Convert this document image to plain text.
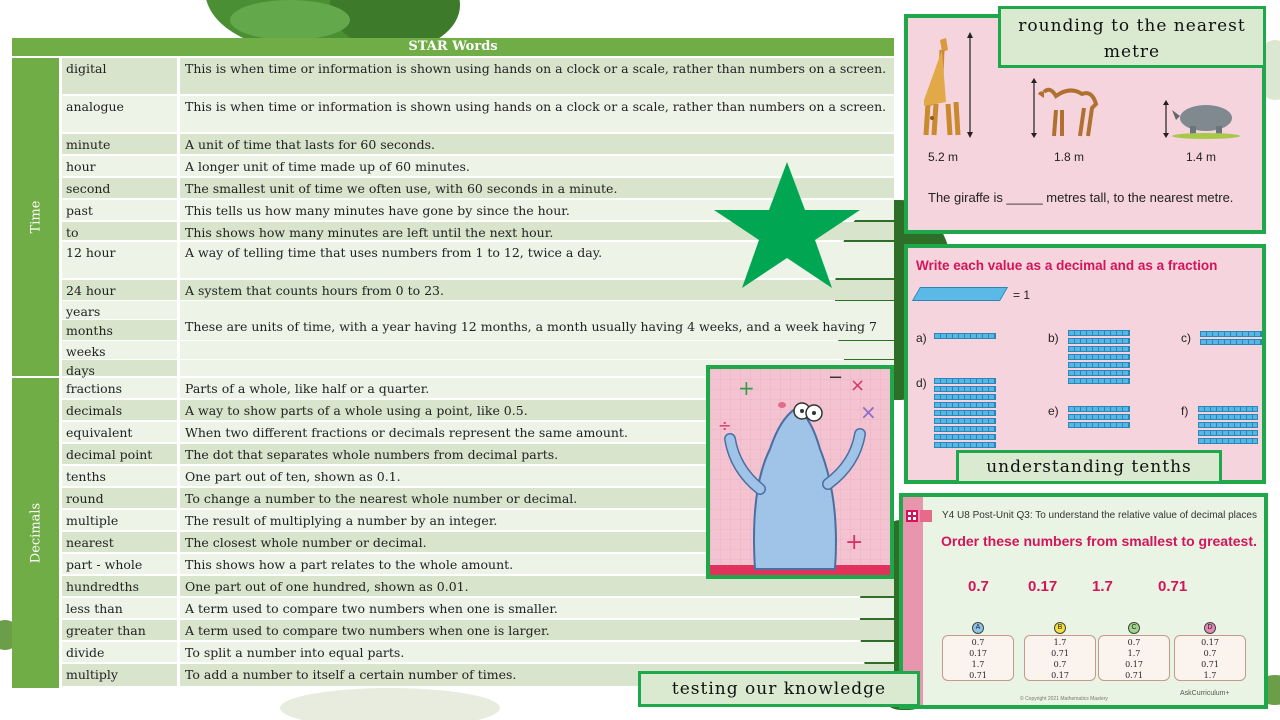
STAR Words
Time
Decimals
digital	This is when time or information is shown using hands on a clock or a scale, rather than numbers on a screen.
analogue	This is when time or information is shown using hands on a clock or a scale, rather than numbers on a screen.
minute	A unit of time that lasts for 60 seconds.
hour	A longer unit of time made up of 60 minutes.
second	The smallest unit of time we often use, with 60 seconds in a minute.
past	This tells us how many minutes have gone by since the hour.
to	This shows how many minutes are left until the next hour.
12 hour	A way of telling time that uses numbers from 1 to 12, twice a day.
24 hour	A system that counts hours from 0 to 23.
years
months	These are units of time, with a year having 12 months, a month usually having 4 weeks, and a week having 7
weeks
days
fractions	Parts of a whole, like half or a quarter.
decimals	A way to show parts of a whole using a point, like 0.5.
equivalent	When two different fractions or decimals represent the same amount.
decimal point	The dot that separates whole numbers from decimal parts.
tenths	One part out of ten, shown as 0.1.
round	To change a number to the nearest whole number or decimal.
multiple	The result of multiplying a number by an integer.
nearest	The closest whole number or decimal.
part - whole	This shows how a part relates to the whole amount.
hundredths	One part out of one hundred, shown as 0.01.
less than	A term used to compare two numbers when one is smaller.
greater than	A term used to compare two numbers when one is larger.
divide	To split a number into equal parts.
multiply	To add a number to itself a certain number of times.
+	×
×
÷
+
−
5.2 m	1.8 m	1.4 m
The giraffe is _____ metres tall, to the nearest metre.
rounding to the nearest metre
Write each value as a decimal and as a fraction
= 1
a)	b)	c)
d)
e)	f)
understanding tenths
Y4 U8 Post-Unit Q3: To understand the relative value of decimal places
Order these numbers from smallest to greatest.
0.7	0.17 1.7	0.71
A
0.7
0.17
1.7
0.71
B
1.7
0.71
0.7
0.17
C
0.7
1.7
0.17
0.71
D
0.17
0.7
0.71
1.7
AskCurriculum+
© Copyright 2021 Mathematics Mastery
testing our knowledge
